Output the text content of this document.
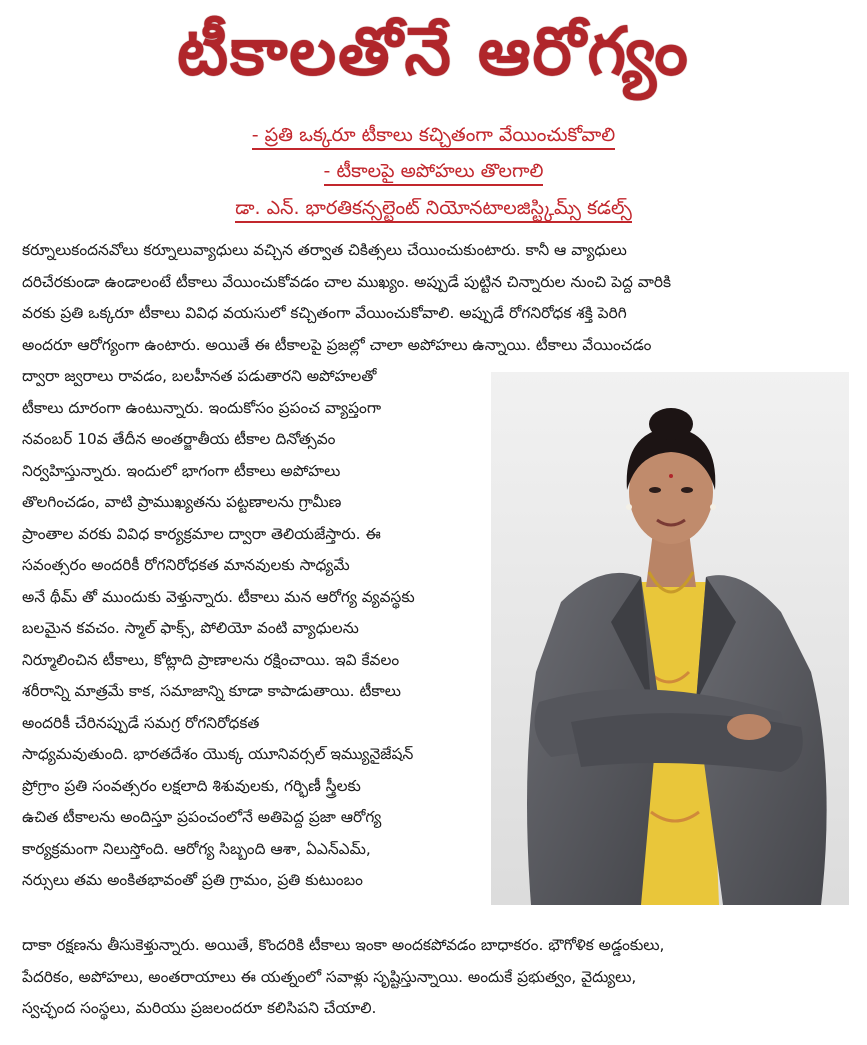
టీకాలతోనే ఆరోగ్యం
- ప్రతి ఒక్కరూ టీకాలు కచ్చితంగా వేయించుకోవాలి
- టీకాలపై అపోహలు తొలగాలి
డా. ఎన్. భారతికన్సల్టెంట్ నియోనటాలజిస్ట్కిమ్స్ కడల్స్
కర్నూలుకందనవోలు కర్నూలువ్యాధులు వచ్చిన తర్వాత చికిత్సలు చేయించుకుంటారు. కానీ ఆ వ్యాధులు
దరిచేరకుండా ఉండాలంటే టీకాలు వేయించుకోవడం చాల ముఖ్యం. అప్పుడే పుట్టిన చిన్నారుల నుంచి పెద్ద వారికి
వరకు ప్రతి ఒక్కరూ టీకాలు వివిధ వయసులో కచ్చితంగా వేయించుకోవాలి. అప్పుడే రోగనిరోధక శక్తి పెరిగి
అందరూ ఆరోగ్యంగా ఉంటారు. అయితే ఈ టీకాలపై ప్రజల్లో చాలా అపోహలు ఉన్నాయి. టీకాలు వేయించడం
ద్వారా జ్వరాలు రావడం, బలహీనత పడుతారని అపోహలతో
టీకాలు దూరంగా ఉంటున్నారు. ఇందుకోసం ప్రపంచ వ్యాప్తంగా
నవంబర్ 10వ తేదీన అంతర్జాతీయ టీకాల దినోత్సవం
నిర్వహిస్తున్నారు. ఇందులో భాగంగా టీకాలు అపోహలు
తొలగించడం, వాటి ప్రాముఖ్యతను పట్టణాలను గ్రామీణ
ప్రాంతాల వరకు వివిధ కార్యక్రమాల ద్వారా తెలియజేస్తారు. ఈ
సవంత్సరం అందరికీ రోగనిరోధకత మానవులకు సాధ్యమే
అనే థీమ్ తో ముందుకు వెళ్తున్నారు. టీకాలు మన ఆరోగ్య వ్యవస్థకు
బలమైన కవచం. స్మాల్ ఫాక్స్, పోలియో వంటి వ్యాధులను
నిర్మూలించిన టీకాలు, కోట్లాది ప్రాణాలను రక్షించాయి. ఇవి కేవలం
శరీరాన్ని మాత్రమే కాక, సమాజాన్ని కూడా కాపాడుతాయి. టీకాలు
అందరికీ చేరినప్పుడే సమగ్ర రోగనిరోధకత
సాధ్యమవుతుంది. భారతదేశం యొక్క యూనివర్సల్ ఇమ్యునైజేషన్
ప్రోగ్రాం ప్రతి సంవత్సరం లక్షలాది శిశువులకు, గర్భిణీ స్త్రీలకు
ఉచిత టీకాలను అందిస్తూ ప్రపంచంలోనే అతిపెద్ద ప్రజా ఆరోగ్య
కార్యక్రమంగా నిలుస్తోంది. ఆరోగ్య సిబ్బంది ఆశా, ఏఎన్ఎమ్,
నర్సులు తమ అంకితభావంతో ప్రతి గ్రామం, ప్రతి కుటుంబం
దాకా రక్షణను తీసుకెళ్తున్నారు. అయితే, కొందరికి టీకాలు ఇంకా అందకపోవడం బాధాకరం. భౌగోళిక అడ్డంకులు,
పేదరికం, అపోహలు, అంతరాయాలు ఈ యత్నంలో సవాళ్లు సృష్టిస్తున్నాయి. అందుకే ప్రభుత్వం, వైద్యులు,
స్వచ్ఛంద సంస్థలు, మరియు ప్రజలందరూ కలిసిపని చేయాలి.
